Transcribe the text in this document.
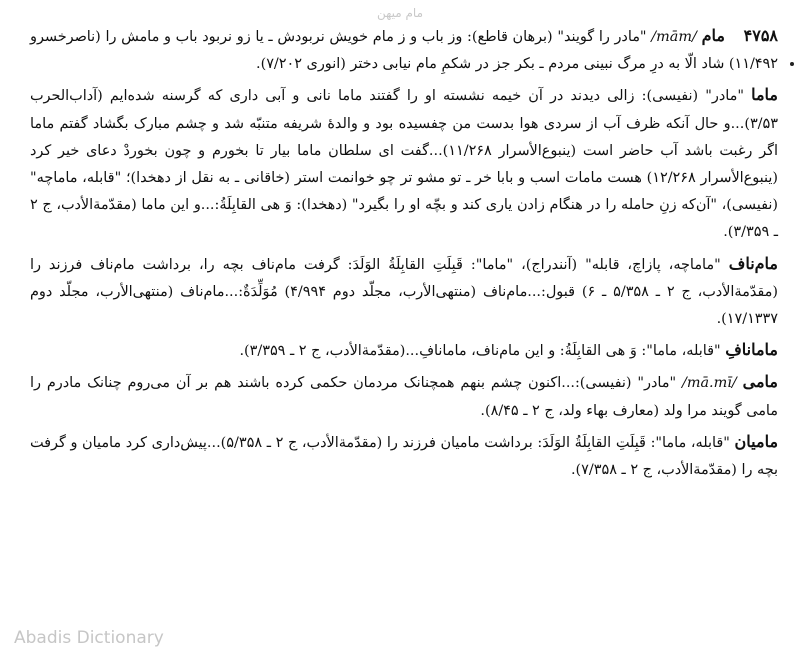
مام میهن

۴۷۵۸ مام /mām/ "مادر را گويند" (برهان قاطع): وز باب و ز مام خويش نربودش ـ يا زو نربود باب و مامش را (ناصرخسرو ۱۱/۴۹۲) شاد الّا به درِ مرگ نبينی مردم ـ بکر جز در شکمِ مام نيابی دختر (انوری ۷/۲۰۲).

ماما "مادر" (نفيسی): زالی ديدند در آن خيمه نشسته او را گفتند ماما نانی و آبی داری که گرسنه شده‌ايم (آداب‌الحرب ۳/۵۳)...و حال آنکه ظرف آب از سردی هوا بدست من چفسيده بود و والدهٔ شريفه متنبّه شد و چشم مبارک بگشاد گفتم ماما اگر رغبت باشد آب حاضر است (ينبوع‌الأسرار ۱۱/۲۶۸)...گفت ای سلطان ماما بيار تا بخورم و چون بخوردْ دعای خير کرد (ينبوع‌الأسرار ۱۲/۲۶۸) هست مامات اسب و بابا خر ـ تو مشو تر چو خوانمت استر (خاقانی ـ به نقل از دهخدا)؛ "قابله، ماماچه" (نفيسی)، "آن‌که زنِ حامله را در هنگام زادن ياری کند و بچّه او را بگيرد" (دهخدا): وَ هی القابِلَةُ:...و اين ماما (مقدّمة‌الأدب، ج ۲ ـ ۳/۳۵۹).

مام‌ناف "ماماچه، پازاچ، قابله" (آنندراج)، "ماما": قَبِلَتِ القابِلَةُ الوَلَدَ: گرفت مام‌ناف بچه را، برداشت مام‌ناف فرزند را (مقدّمة‌الأدب، ج ۲ ـ ۵/۳۵۸ ـ ۶) قبول:...مام‌ناف (منتهی‌الأرب، مجلّد دوم ۴/۹۹۴) مُوَلِّدَةٌ:...مام‌ناف (منتهی‌الأرب، مجلّد دوم ۱۷/۱۳۳۷).

مامانافِ "قابله، ماما": وَ هی القابِلَةُ: و اين مام‌ناف، مامانافِ...(مقدّمة‌الأدب، ج ۲ ـ ۳/۳۵۹).

مامی /mā.mī/ "مادر" (نفيسی):...اکنون چشم بنهم همچنانک مردمان حکمی کرده باشند هم بر آن می‌روم چنانک مادرم را مامی گويند مرا ولد (معارف بهاء ولد، ج ۲ ـ ۸/۴۵).

ماميان "قابله، ماما": قَبِلَتِ القابِلَةُ الوَلَدَ: برداشت ماميان فرزند را (مقدّمة‌الأدب، ج ۲ ـ ۵/۳۵۸)...پيش‌داری کرد ماميان و گرفت بچه را (مقدّمة‌الأدب، ج ۲ ـ ۷/۳۵۸).

Abadis Dictionary
